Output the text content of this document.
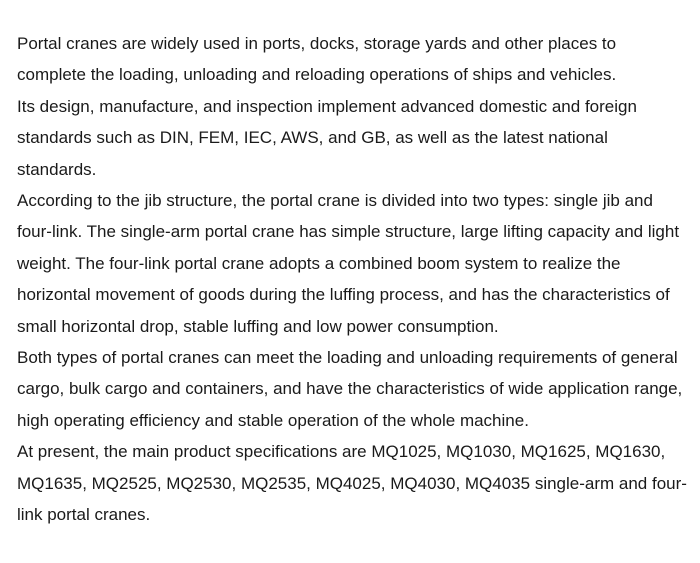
Portal cranes are widely used in ports, docks, storage yards and other places to complete the loading, unloading and reloading operations of ships and vehicles.

Its design, manufacture, and inspection implement advanced domestic and foreign standards such as DIN, FEM, IEC, AWS, and GB, as well as the latest national standards.

According to the jib structure, the portal crane is divided into two types: single jib and four-link. The single-arm portal crane has simple structure, large lifting capacity and light weight. The four-link portal crane adopts a combined boom system to realize the horizontal movement of goods during the luffing process, and has the characteristics of small horizontal drop, stable luffing and low power consumption.

Both types of portal cranes can meet the loading and unloading requirements of general cargo, bulk cargo and containers, and have the characteristics of wide application range, high operating efficiency and stable operation of the whole machine.

At present, the main product specifications are MQ1025, MQ1030, MQ1625, MQ1630, MQ1635, MQ2525, MQ2530, MQ2535, MQ4025, MQ4030, MQ4035 single-arm and four-link portal cranes.
